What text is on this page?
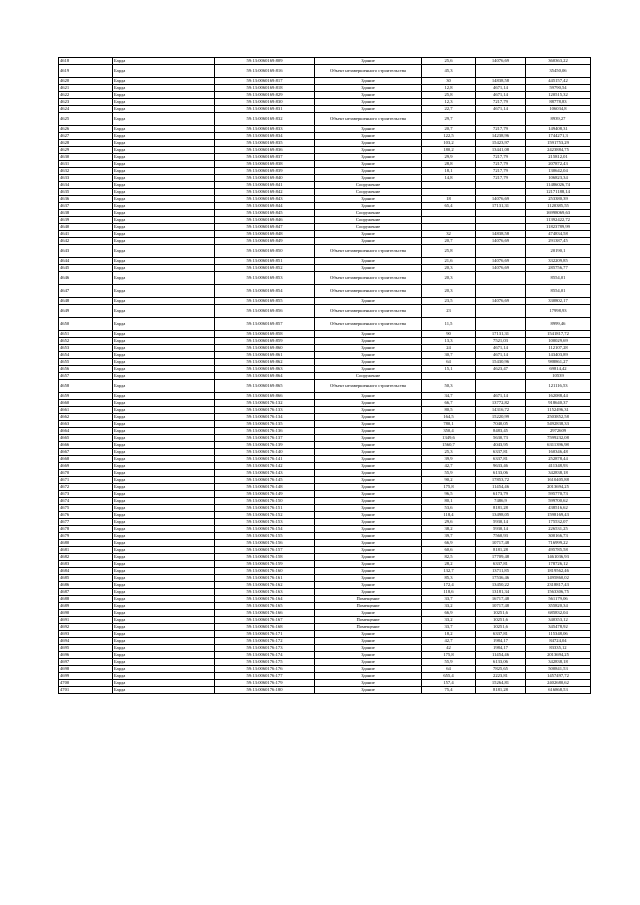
4618	Барда	59:13:0060169:809	Здание	25,6	14076,69	360363,22
4619	Барда	59:13:0060169:816	Объект незавершенного строительства	45,3		35450,06
4620	Барда	59:13:0060169:817	Здание	30	14838,58	445157,42
4621	Барда	59:13:0060169:818	Здание	12,8	4671,14	59790,54
4622	Барда	59:13:0060169:829	Здание	25,8	4671,14	120515,32
4623	Барда	59:13:0060169:830	Здание	12,3	7217,79	88778,83
4624	Барда	59:13:0060169:831	Здание	22,7	4671,14	106034,8
4625	Барда	59:13:0060169:832	Объект незавершенного строительства	29,7		8939,27
4626	Барда	59:13:0060169:833	Здание	20,7	7217,79	149408,31
4627	Барда	59:13:0060169:834	Здание	122,5	14238,96	1744271,3
4628	Барда	59:13:0060169:835	Здание	103,2	15423,97	1591753,29
4629	Барда	59:13:0060169:836	Здание	180,2	13441,08	2423884,75
4630	Барда	59:13:0060169:837	Здание	29,9	7217,79	215812,01
4631	Барда	59:13:0060169:838	Здание	28,8	7217,79	207872,43
4632	Барда	59:13:0060169:839	Здание	18,1	7217,79	130642,04
4633	Барда	59:13:0060169:840	Здание	14,8	7217,79	106823,34
4634	Барда	59:13:0060169:841	Сооружение			11486026,74
4635	Барда	59:13:0060169:842	Сооружение			12171188,14
4636	Барда	59:13:0060169:843	Здание	18	14076,69	253380,39
4637	Барда	59:13:0060169:844	Здание	65,4	17131,31	1120385,55
4638	Барда	59:13:0060169:845	Сооружение			16998069,63
4639	Барда	59:13:0060169:846	Сооружение			11392422,72
4640	Барда	59:13:0060169:847	Сооружение			11823789,99
4641	Барда	59:13:0060169:848	Здание	32	14838,58	474834,58
4642	Барда	59:13:0060169:849	Здание	20,7	14076,69	291387,45
4643	Барда	59:13:0060169:850	Объект незавершенного строительства	25,8		20190,1
4644	Барда	59:13:0060169:851	Здание	21,6	14076,69	332209,85
4645	Барда	59:13:0060169:852	Здание	20,3	14076,69	285756,77
4646	Барда	59:13:0060169:853	Объект незавершенного строительства	20,3		8554,01
4647	Барда	59:13:0060169:854	Объект незавершенного строительства	20,3		8554,01
4648	Барда	59:13:0060169:855	Здание	23,5	14076,69	330802,17
4649	Барда	59:13:0060169:856	Объект незавершенного строительства	23		17998,93
4650	Барда	59:13:0060169:857	Объект незавершенного строительства	11,5		8999,46
4651	Барда	59:13:0060169:858	Здание	90	17131,31	1541817,72
4652	Барда	59:13:0060169:859	Здание	13,3	7521,03	100029,69
4653	Барда	59:13:0060169:860	Здание	24	4671,14	112107,28
4654	Барда	59:13:0060169:861	Здание	30,7	4671,14	143403,89
4655	Барда	59:13:0060169:862	Здание	64	15430,96	988861,27
4656	Барда	59:13:0060169:863	Здание	15,1	4623,47	69814,42
4657	Барда	59:13:0060169:864	Сооружение			10539
4658	Барда	59:13:0060169:865	Объект незавершенного строительства	50,3		121116,53
4659	Барда	59:13:0060169:866	Здание	34,7	4671,14	162088,44
4660	Барда	59:13:0060176:132	Здание	66,7	13772,82	918640,37
4661	Барда	59:13:0060176:133	Здание	80,5	14316,72	1152496,31
4662	Барда	59:13:0060176:134	Здание	164,5	15220,99	2503852,58
4663	Барда	59:13:0060176:135	Здание	780,1	7040,05	5492838,33
4664	Барда	59:13:0060176:136	Здание	350,4	8483,45	2972609
4665	Барда	59:13:0060176:137	Здание	1349,6	5630,73	7599232,08
4666	Барда	59:13:0060176:139	Здание	1560,7	4043,95	6311396,98
4667	Барда	59:13:0060176:140	Здание	25,3	6337,81	160346,48
4668	Барда	59:13:0060176:141	Здание	39,9	6337,81	252878,44
4669	Барда	59:13:0060176:142	Здание	42,7	9633,46	411348,93
4670	Барда	59:13:0060176:143	Здание	55,9	6133,06	342838,18
4671	Барда	59:13:0060176:145	Здание	90,2	17853,72	1610405,88
4672	Барда	59:13:0060176:148	Здание	175,8	11454,46	2013694,25
4673	Барда	59:13:0060176:149	Здание	96,5	6173,79	595770,73
4674	Барда	59:13:0060176:150	Здание	80,1	7486,9	599700,62
4675	Барда	59:13:0060176:151	Здание	53,6	8181,28	438516,62
4676	Барда	59:13:0060176:152	Здание	118,4	13498,05	1598169,43
4677	Барда	59:13:0060176:153	Здание	29,6	5930,14	175532,07
4678	Барда	59:13:0060176:154	Здание	38,2	5930,14	226531,25
4679	Барда	59:13:0060176:155	Здание	39,7	7560,93	300166,73
4680	Барда	59:13:0060176:156	Здание	66,9	10717,48	716999,22
4681	Барда	59:13:0060176:157	Здание	60,6	8181,28	495785,58
4682	Барда	59:13:0060176:158	Здание	82,5	17709,48	1461036,93
4683	Барда	59:13:0060176:159	Здание	28,2	6337,81	178726,12
4684	Барда	59:13:0060176:160	Здание	132,7	13711,85	1819562,46
4685	Барда	59:13:0060176:161	Здание	85,3	17536,46	1495860,02
4686	Барда	59:13:0060176:162	Здание	172,4	13450,22	2318817,43
4687	Барда	59:13:0060176:163	Здание	118,6	13181,34	1563306,75
4688	Барда	59:13:0060176:164	Помещение	33,7	16717,48	561179,06
4689	Барда	59:13:0060176:165	Помещение	33,2	10717,48	355820,34
4690	Барда	59:13:0060176:166	Здание	66,9	10251,6	685832,04
4691	Барда	59:13:0060176:167	Помещение	33,2	10251,6	340353,12
4692	Барда	59:13:0060176:168	Помещение	33,7	10251,6	345478,92
4693	Барда	59:13:0060176:171	Здание	18,2	6337,81	115348,06
4694	Барда	59:13:0060176:172	Здание	42,7	1984,17	84724,04
4695	Барда	59:13:0060176:173	Здание	42	1984,17	83335,12
4696	Барда	59:13:0060176:174	Здание	175,8	11454,46	2013694,25
4697	Барда	59:13:0060176:175	Здание	55,9	6133,06	342838,18
4698	Барда	59:13:0060176:176	Здание	64	7825,65	500841,53
4699	Барда	59:13:0060176:177	Здание	655,4	2223,81	1457497,72
4700	Барда	59:13:0060176:179	Здание	157,4	15264,81	2402680,62
4701	Барда	59:13:0060176:180	Здание	75,4	8181,28	616868,53
